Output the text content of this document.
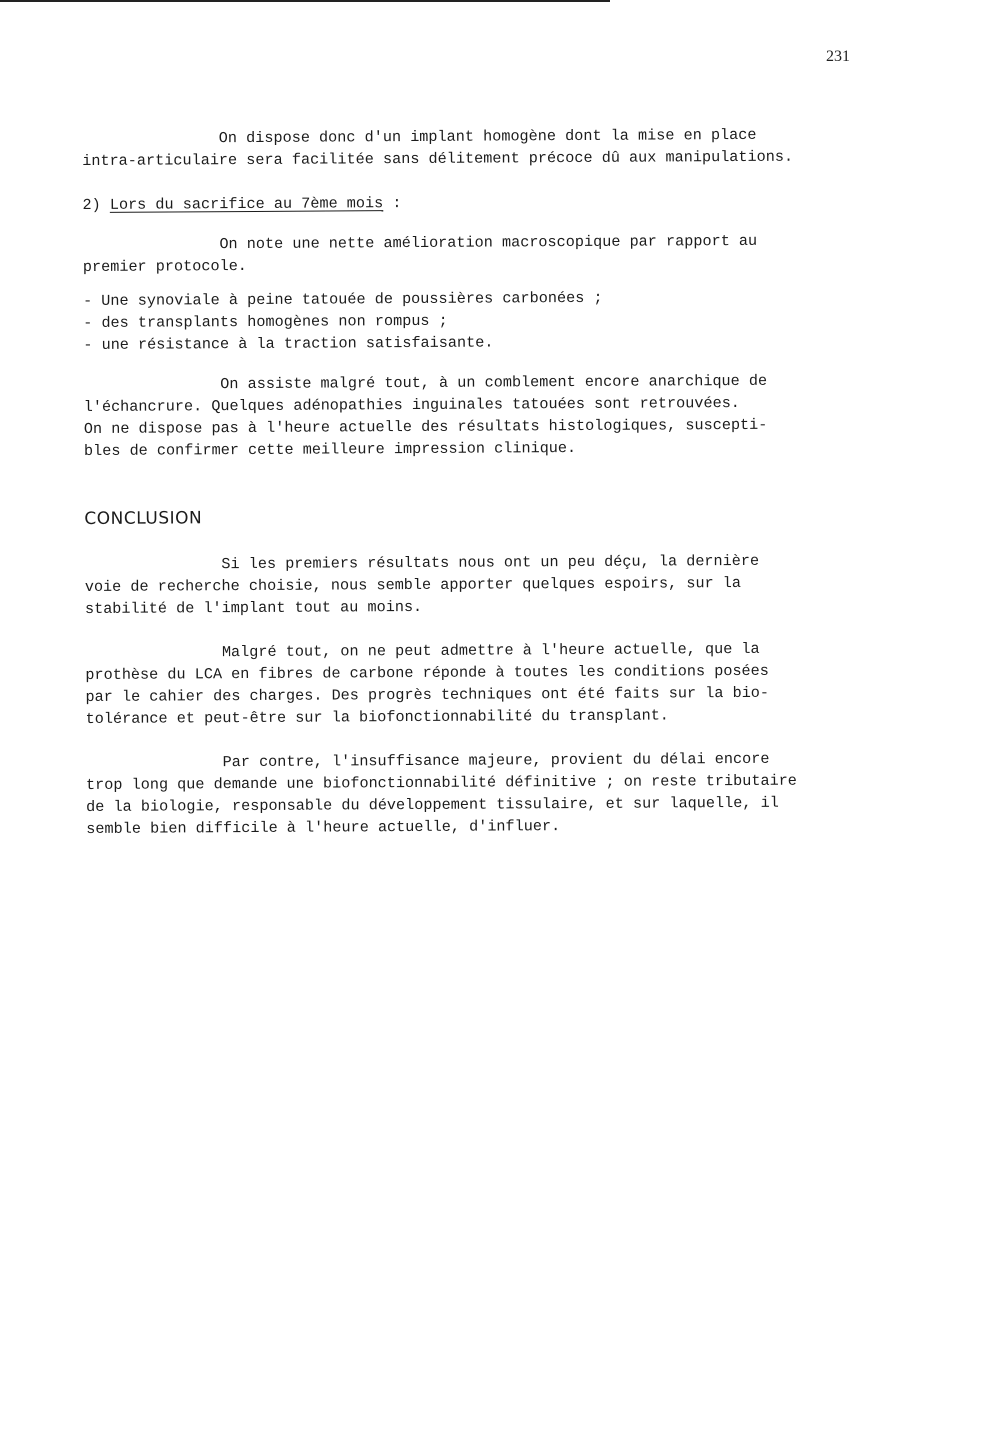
231
On dispose donc d'un implant homogène dont la mise en place
intra-articulaire sera facilitée sans délitement précoce dû aux manipulations.
2) Lors du sacrifice au 7ème mois :
On note une nette amélioration macroscopique par rapport au
premier protocole.
- Une synoviale à peine tatouée de poussières carbonées ;
- des transplants homogènes non rompus ;
- une résistance à la traction satisfaisante.
On assiste malgré tout, à un comblement encore anarchique de
l'échancrure. Quelques adénopathies inguinales tatouées sont retrouvées.
On ne dispose pas à l'heure actuelle des résultats histologiques, suscepti-
bles de confirmer cette meilleure impression clinique.
CONCLUSION
Si les premiers résultats nous ont un peu déçu, la dernière
voie de recherche choisie, nous semble apporter quelques espoirs, sur la
stabilité de l'implant tout au moins.
Malgré tout, on ne peut admettre à l'heure actuelle, que la
prothèse du LCA en fibres de carbone réponde à toutes les conditions posées
par le cahier des charges. Des progrès techniques ont été faits sur la bio-
tolérance et peut-être sur la biofonctionnabilité du transplant.
Par contre, l'insuffisance majeure, provient du délai encore
trop long que demande une biofonctionnabilité définitive ; on reste tributaire
de la biologie, responsable du développement tissulaire, et sur laquelle, il
semble bien difficile à l'heure actuelle, d'influer.
